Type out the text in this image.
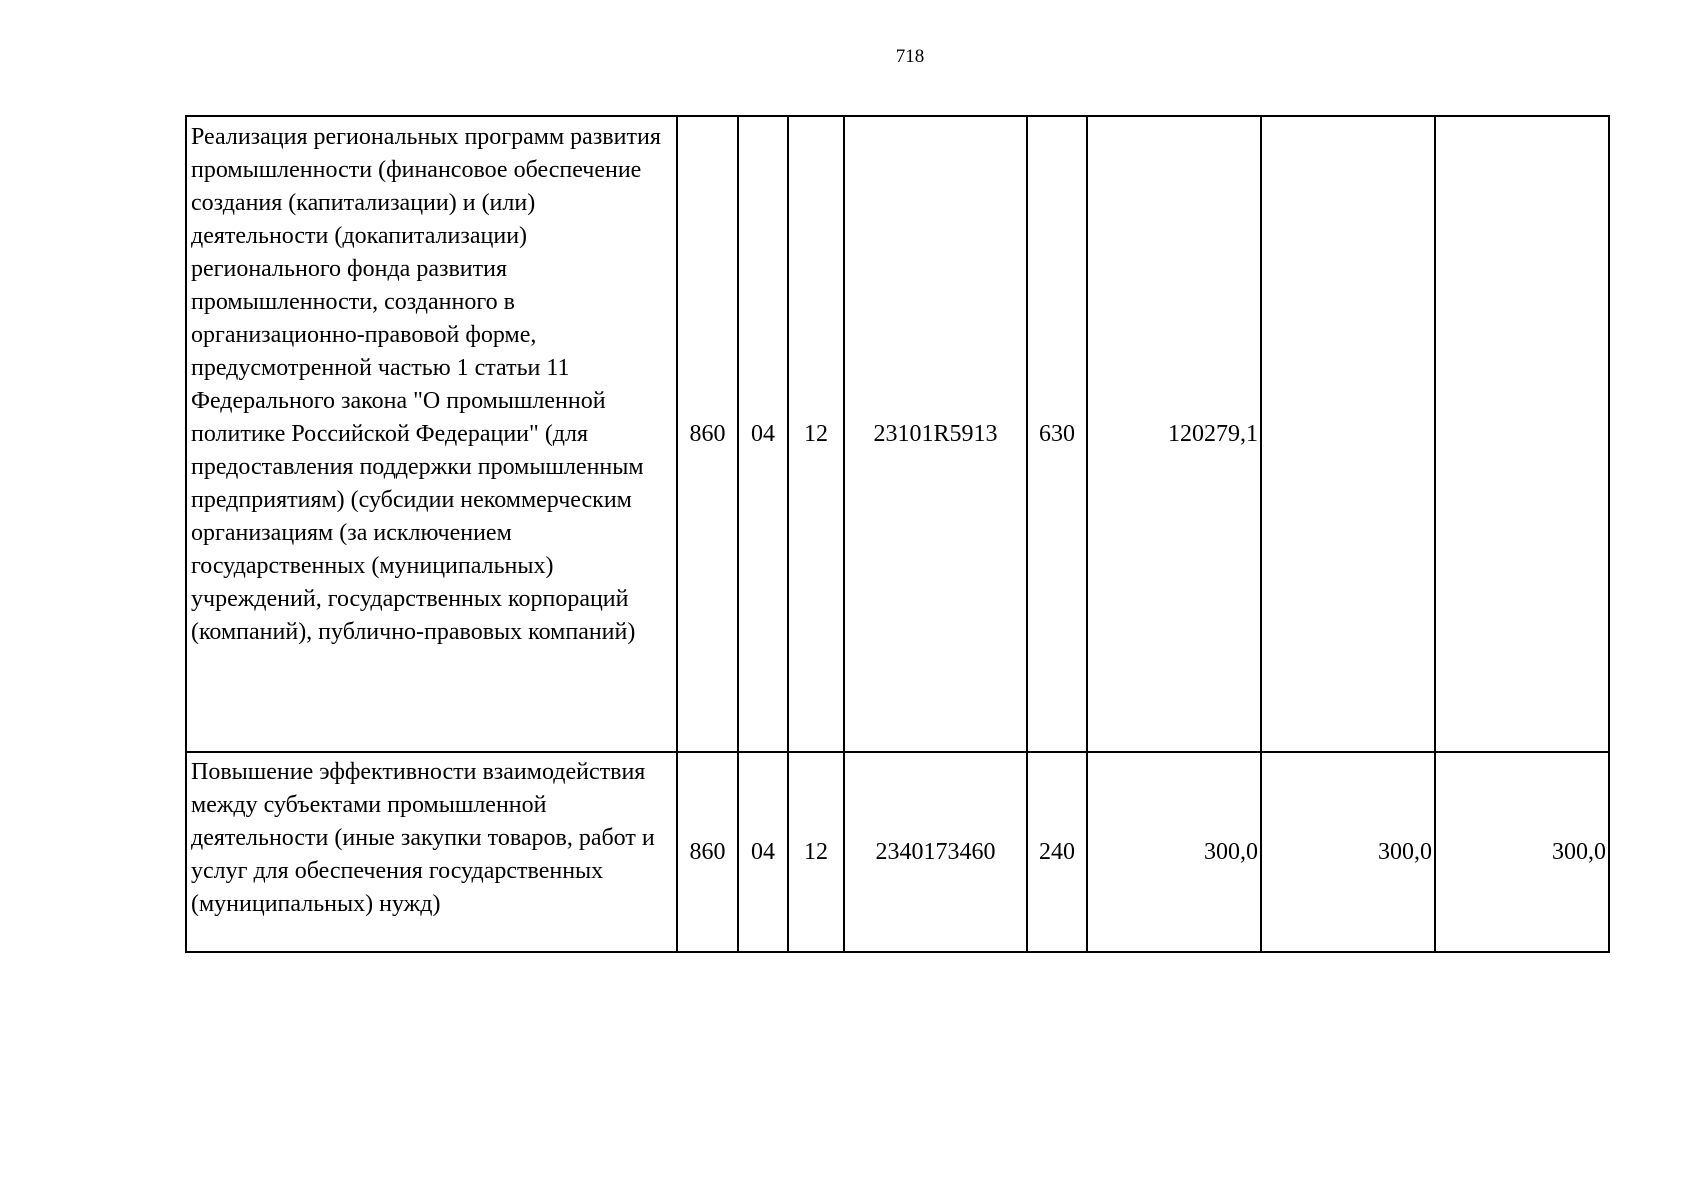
718
Реализация региональных программ развития промышленности (финансовое обеспечение создания (капитализации) и (или) деятельности (докапитализации) регионального фонда развития промышленности, созданного в организационно-правовой форме, предусмотренной частью 1 статьи 11 Федерального закона "О промышленной политике Российской Федерации" (для предоставления поддержки промышленным предприятиям) (субсидии некоммерческим организациям (за исключением государственных (муниципальных) учреждений, государственных корпораций (компаний), публично-правовых компаний)	860	04	12	23101R5913	630	120279,1		
Повышение эффективности взаимодействия между субъектами промышленной деятельности (иные закупки товаров, работ и услуг для обеспечения государственных (муниципальных) нужд)	860	04	12	2340173460	240	300,0	300,0	300,0
